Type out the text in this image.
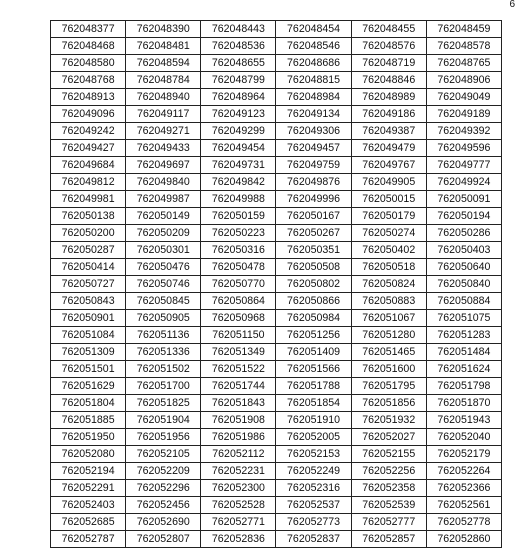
6
762048377	762048390	762048443	762048454	762048455	762048459
762048468	762048481	762048536	762048546	762048576	762048578
762048580	762048594	762048655	762048686	762048719	762048765
762048768	762048784	762048799	762048815	762048846	762048906
762048913	762048940	762048964	762048984	762048989	762049049
762049096	762049117	762049123	762049134	762049186	762049189
762049242	762049271	762049299	762049306	762049387	762049392
762049427	762049433	762049454	762049457	762049479	762049596
762049684	762049697	762049731	762049759	762049767	762049777
762049812	762049840	762049842	762049876	762049905	762049924
762049981	762049987	762049988	762049996	762050015	762050091
762050138	762050149	762050159	762050167	762050179	762050194
762050200	762050209	762050223	762050267	762050274	762050286
762050287	762050301	762050316	762050351	762050402	762050403
762050414	762050476	762050478	762050508	762050518	762050640
762050727	762050746	762050770	762050802	762050824	762050840
762050843	762050845	762050864	762050866	762050883	762050884
762050901	762050905	762050968	762050984	762051067	762051075
762051084	762051136	762051150	762051256	762051280	762051283
762051309	762051336	762051349	762051409	762051465	762051484
762051501	762051502	762051522	762051566	762051600	762051624
762051629	762051700	762051744	762051788	762051795	762051798
762051804	762051825	762051843	762051854	762051856	762051870
762051885	762051904	762051908	762051910	762051932	762051943
762051950	762051956	762051986	762052005	762052027	762052040
762052080	762052105	762052112	762052153	762052155	762052179
762052194	762052209	762052231	762052249	762052256	762052264
762052291	762052296	762052300	762052316	762052358	762052366
762052403	762052456	762052528	762052537	762052539	762052561
762052685	762052690	762052771	762052773	762052777	762052778
762052787	762052807	762052836	762052837	762052857	762052860
